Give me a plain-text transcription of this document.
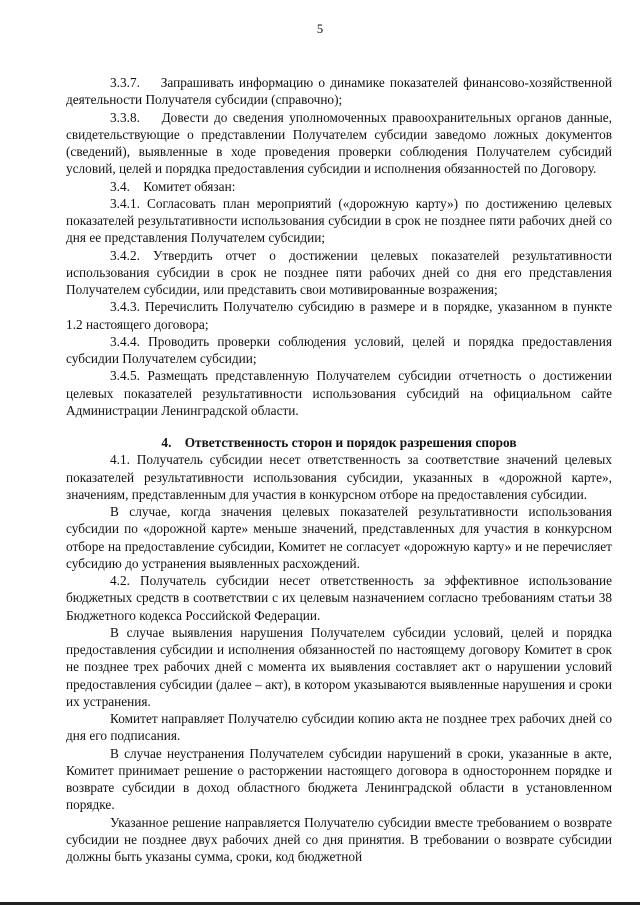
5

3.3.7.    Запрашивать информацию о динамике показателей финансово-хозяйственной деятельности Получателя субсидии (справочно);

3.3.8.    Довести до сведения уполномоченных правоохранительных органов данные, свидетельствующие о представлении Получателем субсидии заведомо ложных документов (сведений), выявленные в ходе проведения проверки соблюдения Получателем субсидий условий, целей и порядка предоставления субсидии и исполнения обязанностей по Договору.

3.4.    Комитет обязан:

3.4.1. Согласовать план мероприятий («дорожную карту») по достижению целевых показателей результативности использования субсидии в срок не позднее пяти рабочих дней со дня ее представления Получателем субсидии;

3.4.2. Утвердить отчет о достижении целевых показателей результативности использования субсидии в срок не позднее пяти рабочих дней со дня его представления Получателем субсидии, или представить свои мотивированные возражения;

3.4.3. Перечислить Получателю субсидию в размере и в порядке, указанном в пункте 1.2 настоящего договора;

3.4.4. Проводить проверки соблюдения условий, целей и порядка предоставления субсидии Получателем субсидии;

3.4.5. Размещать представленную Получателем субсидии отчетность о достижении целевых показателей результативности использования субсидий на официальном сайте Администрации Ленинградской области.

4.    Ответственность сторон и порядок разрешения споров

4.1. Получатель субсидии несет ответственность за соответствие значений целевых показателей результативности использования субсидии, указанных в «дорожной карте», значениям, представленным для участия в конкурсном отборе на предоставления субсидии.

В случае, когда значения целевых показателей результативности использования субсидии по «дорожной карте» меньше значений, представленных для участия в конкурсном отборе на предоставление субсидии, Комитет не согласует «дорожную карту» и не перечисляет субсидию до устранения выявленных расхождений.

4.2. Получатель субсидии несет ответственность за эффективное использование бюджетных средств в соответствии с их целевым назначением согласно требованиям статьи 38 Бюджетного кодекса Российской Федерации.

В случае выявления нарушения Получателем субсидии условий, целей и порядка предоставления субсидии и исполнения обязанностей по настоящему договору Комитет в срок не позднее трех рабочих дней с момента их выявления составляет акт о нарушении условий предоставления субсидии (далее – акт), в котором указываются выявленные нарушения и сроки их устранения.

Комитет направляет Получателю субсидии копию акта не позднее трех рабочих дней со дня его подписания.

В случае неустранения Получателем субсидии нарушений в сроки, указанные в акте, Комитет принимает решение о расторжении настоящего договора в одностороннем порядке и возврате субсидии в доход областного бюджета Ленинградской области в установленном порядке.

Указанное решение направляется Получателю субсидии вместе требованием о возврате субсидии не позднее двух рабочих дней со дня принятия. В требовании о возврате субсидии должны быть указаны сумма, сроки, код бюджетной
